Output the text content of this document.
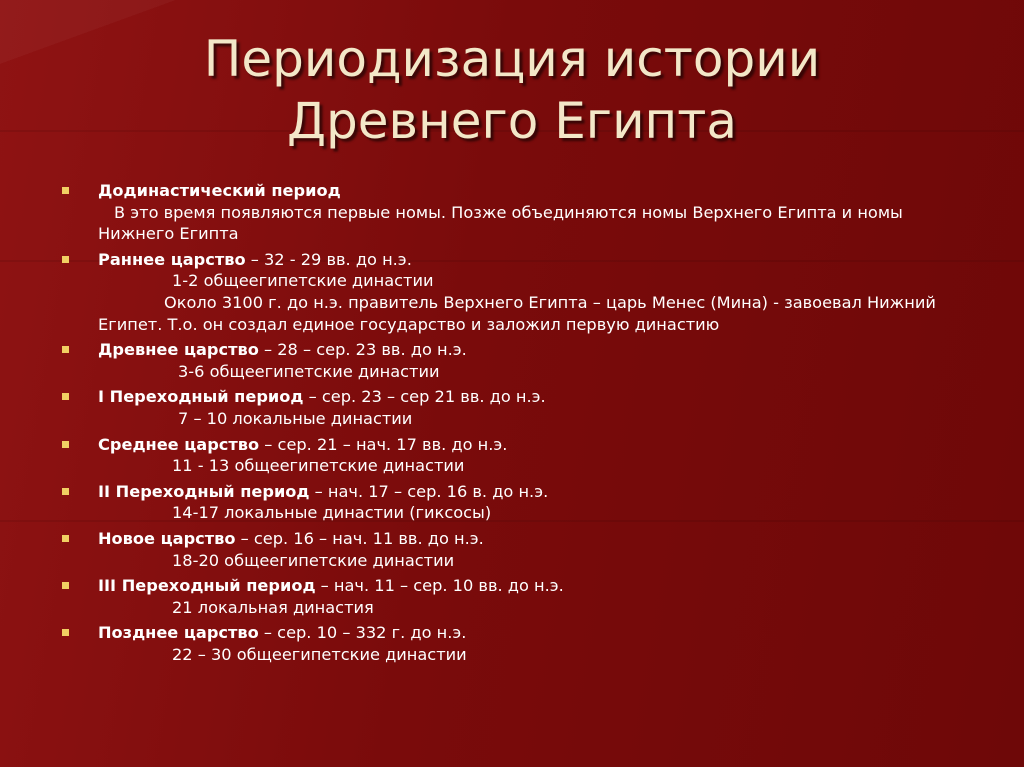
Периодизация истории
Древнего Египта
Додинастический период
В это время появляются первые номы. Позже объединяются номы Верхнего Египта и номы Нижнего Египта
Раннее царство – 32 - 29 вв. до н.э.
1-2 общеегипетские династии
Около 3100 г. до н.э. правитель Верхнего Египта – царь Менес (Мина) - завоевал Нижний Египет. Т.о. он создал единое государство и заложил первую династию
Древнее царство – 28 – сер. 23 вв. до н.э.
3-6 общеегипетские династии
I Переходный период – сер. 23 – сер 21 вв. до н.э.
7 – 10 локальные династии
Среднее царство – сер. 21 – нач. 17 вв. до н.э.
11 - 13 общеегипетские династии
II Переходный период – нач. 17 – сер. 16 в. до н.э.
14-17 локальные династии (гиксосы)
Новое царство – сер. 16 – нач. 11 вв. до н.э.
18-20 общеегипетские династии
III Переходный период – нач. 11 – сер. 10 вв. до н.э.
21 локальная династия
Позднее царство – сер. 10 – 332 г. до н.э.
22 – 30 общеегипетские династии
